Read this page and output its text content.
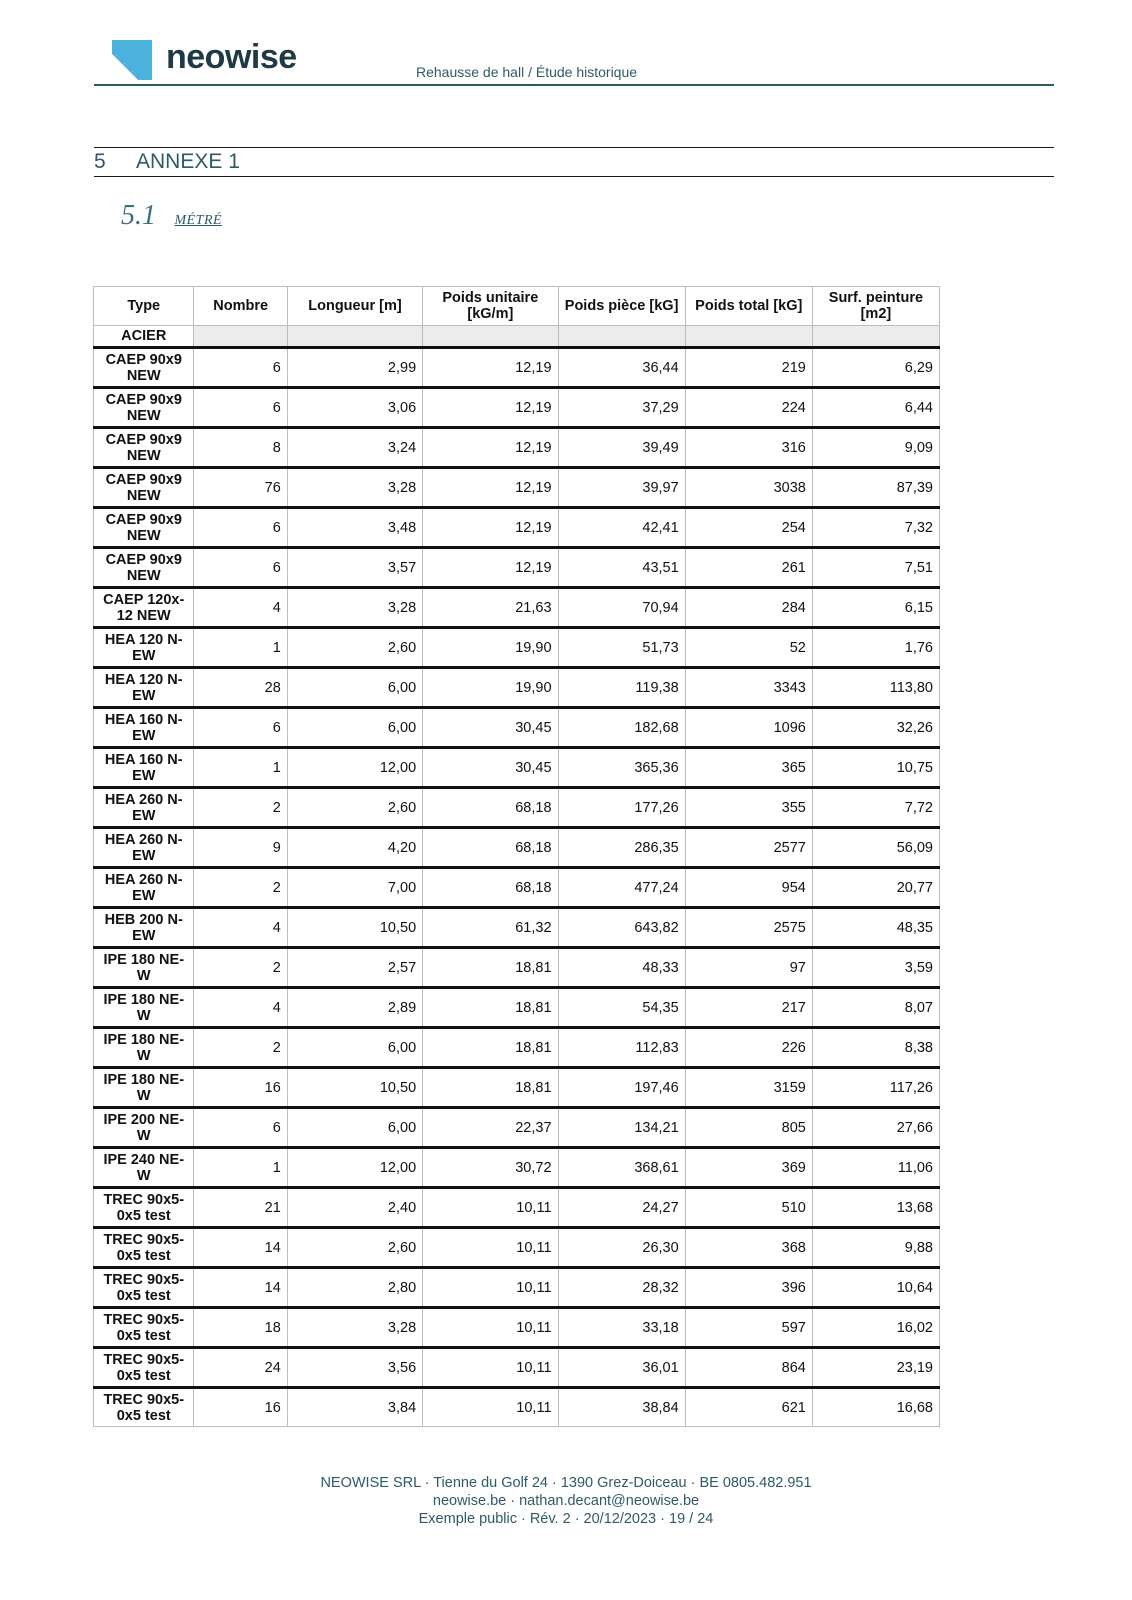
neowise	Rehausse de hall / Étude historique
5 ANNEXE 1
5.1 MÉTRÉ
Type	Nombre	Longueur [m]	Poids unitaire [kG/m]	Poids pièce [kG]	Poids total [kG]	Surf. peinture [m2]
ACIER						
CAEP 90x9 NEW	6	2,99	12,19	36,44	219	6,29
CAEP 90x9 NEW	6	3,06	12,19	37,29	224	6,44
CAEP 90x9 NEW	8	3,24	12,19	39,49	316	9,09
CAEP 90x9 NEW	76	3,28	12,19	39,97	3038	87,39
CAEP 90x9 NEW	6	3,48	12,19	42,41	254	7,32
CAEP 90x9 NEW	6	3,57	12,19	43,51	261	7,51
CAEP 120x-12 NEW	4	3,28	21,63	70,94	284	6,15
HEA 120 N-EW	1	2,60	19,90	51,73	52	1,76
HEA 120 N-EW	28	6,00	19,90	119,38	3343	113,80
HEA 160 N-EW	6	6,00	30,45	182,68	1096	32,26
HEA 160 N-EW	1	12,00	30,45	365,36	365	10,75
HEA 260 N-EW	2	2,60	68,18	177,26	355	7,72
HEA 260 N-EW	9	4,20	68,18	286,35	2577	56,09
HEA 260 N-EW	2	7,00	68,18	477,24	954	20,77
HEB 200 N-EW	4	10,50	61,32	643,82	2575	48,35
IPE 180 NE-W	2	2,57	18,81	48,33	97	3,59
IPE 180 NE-W	4	2,89	18,81	54,35	217	8,07
IPE 180 NE-W	2	6,00	18,81	112,83	226	8,38
IPE 180 NE-W	16	10,50	18,81	197,46	3159	117,26
IPE 200 NE-W	6	6,00	22,37	134,21	805	27,66
IPE 240 NE-W	1	12,00	30,72	368,61	369	11,06
TREC 90x5-0x5 test	21	2,40	10,11	24,27	510	13,68
TREC 90x5-0x5 test	14	2,60	10,11	26,30	368	9,88
TREC 90x5-0x5 test	14	2,80	10,11	28,32	396	10,64
TREC 90x5-0x5 test	18	3,28	10,11	33,18	597	16,02
TREC 90x5-0x5 test	24	3,56	10,11	36,01	864	23,19
TREC 90x5-0x5 test	16	3,84	10,11	38,84	621	16,68
NEOWISE SRL · Tienne du Golf 24 · 1390 Grez-Doiceau · BE 0805.482.951
neowise.be · nathan.decant@neowise.be
Exemple public · Rév. 2 · 20/12/2023 · 19 / 24
